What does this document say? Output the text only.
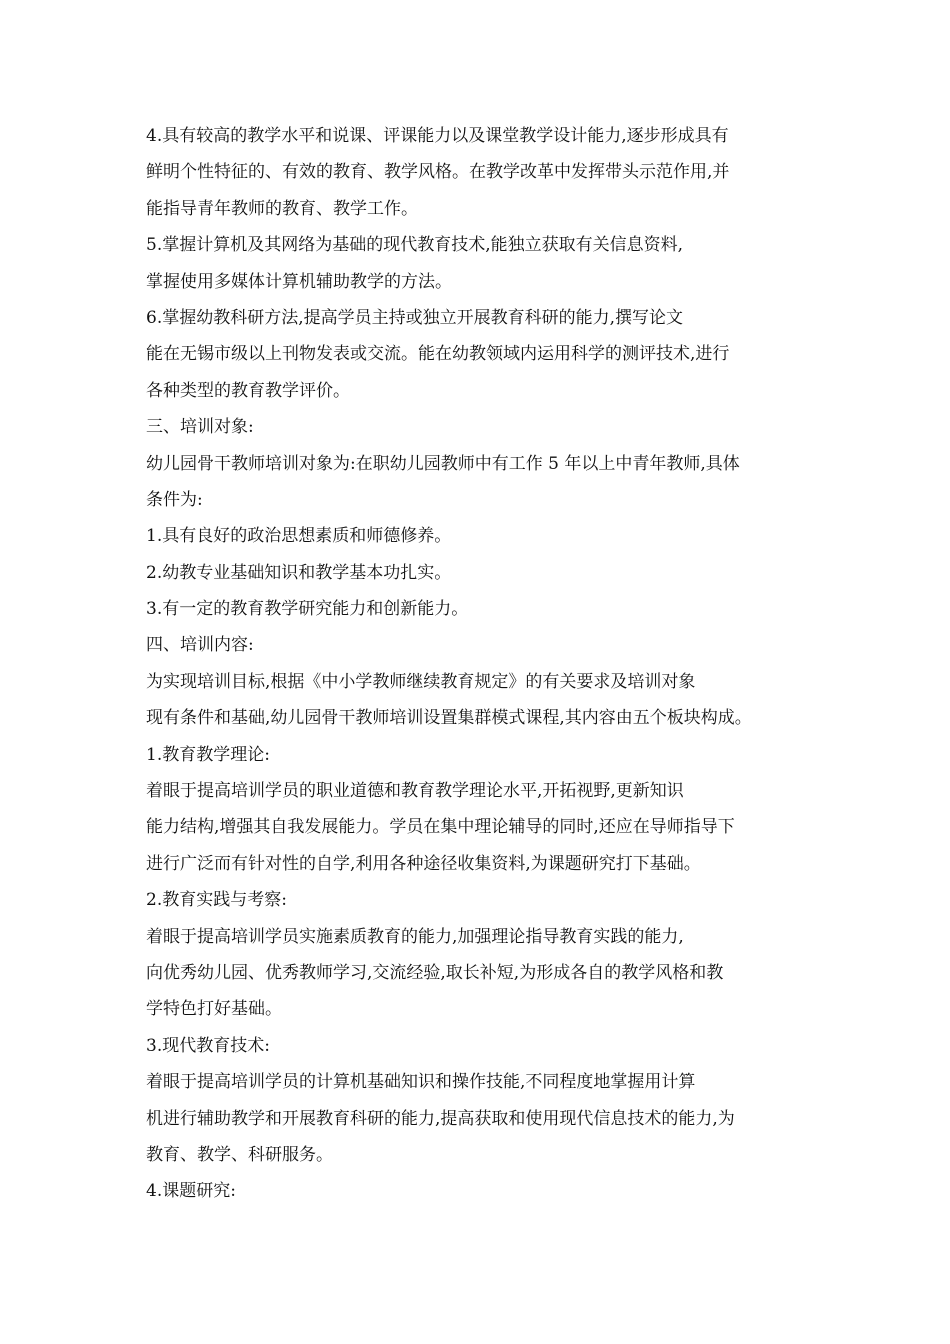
4.具有较高的教学水平和说课、评课能力以及课堂教学设计能力,逐步形成具有
鲜明个性特征的、有效的教育、教学风格。在教学改革中发挥带头示范作用,并
能指导青年教师的教育、教学工作。
5.掌握计算机及其网络为基础的现代教育技术,能独立获取有关信息资料,
掌握使用多媒体计算机辅助教学的方法。
6.掌握幼教科研方法,提高学员主持或独立开展教育科研的能力,撰写论文
能在无锡市级以上刊物发表或交流。能在幼教领域内运用科学的测评技术,进行
各种类型的教育教学评价。
三、培训对象:
幼儿园骨干教师培训对象为:在职幼儿园教师中有工作 5 年以上中青年教师,具体
条件为:
1.具有良好的政治思想素质和师德修养。
2.幼教专业基础知识和教学基本功扎实。
3.有一定的教育教学研究能力和创新能力。
四、培训内容:
为实现培训目标,根据《中小学教师继续教育规定》的有关要求及培训对象
现有条件和基础,幼儿园骨干教师培训设置集群模式课程,其内容由五个板块构成。
1.教育教学理论:
着眼于提高培训学员的职业道德和教育教学理论水平,开拓视野,更新知识
能力结构,增强其自我发展能力。学员在集中理论辅导的同时,还应在导师指导下
进行广泛而有针对性的自学,利用各种途径收集资料,为课题研究打下基础。
2.教育实践与考察:
着眼于提高培训学员实施素质教育的能力,加强理论指导教育实践的能力,
向优秀幼儿园、优秀教师学习,交流经验,取长补短,为形成各自的教学风格和教
学特色打好基础。
3.现代教育技术:
着眼于提高培训学员的计算机基础知识和操作技能,不同程度地掌握用计算
机进行辅助教学和开展教育科研的能力,提高获取和使用现代信息技术的能力,为
教育、教学、科研服务。
4.课题研究:
